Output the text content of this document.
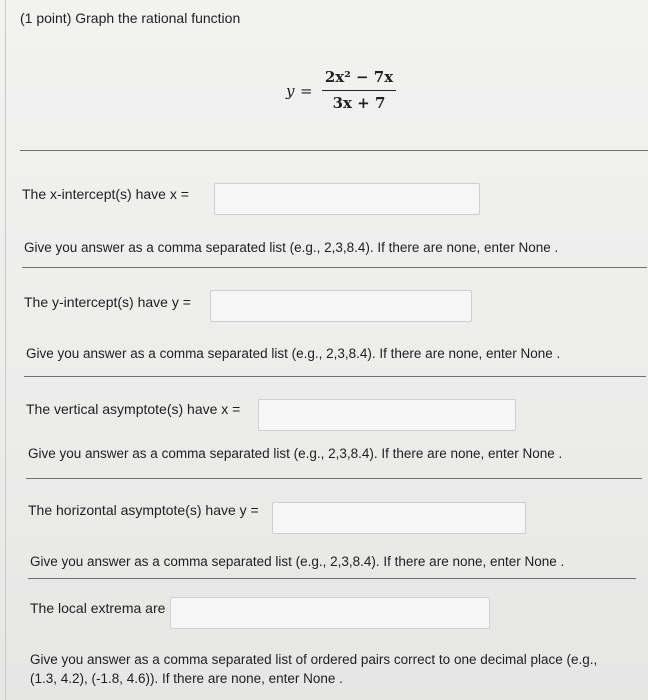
(1 point) Graph the rational function
y =
2x² − 7x
3x + 7
The x-intercept(s) have x =
Give you answer as a comma separated list (e.g., 2,3,8.4). If there are none, enter None .
The y-intercept(s) have y =
Give you answer as a comma separated list (e.g., 2,3,8.4). If there are none, enter None .
The vertical asymptote(s) have x =
Give you answer as a comma separated list (e.g., 2,3,8.4). If there are none, enter None .
The horizontal asymptote(s) have y =
Give you answer as a comma separated list (e.g., 2,3,8.4). If there are none, enter None .
The local extrema are
Give you answer as a comma separated list of ordered pairs correct to one decimal place (e.g., (1.3, 4.2), (-1.8, 4.6)). If there are none, enter None .
